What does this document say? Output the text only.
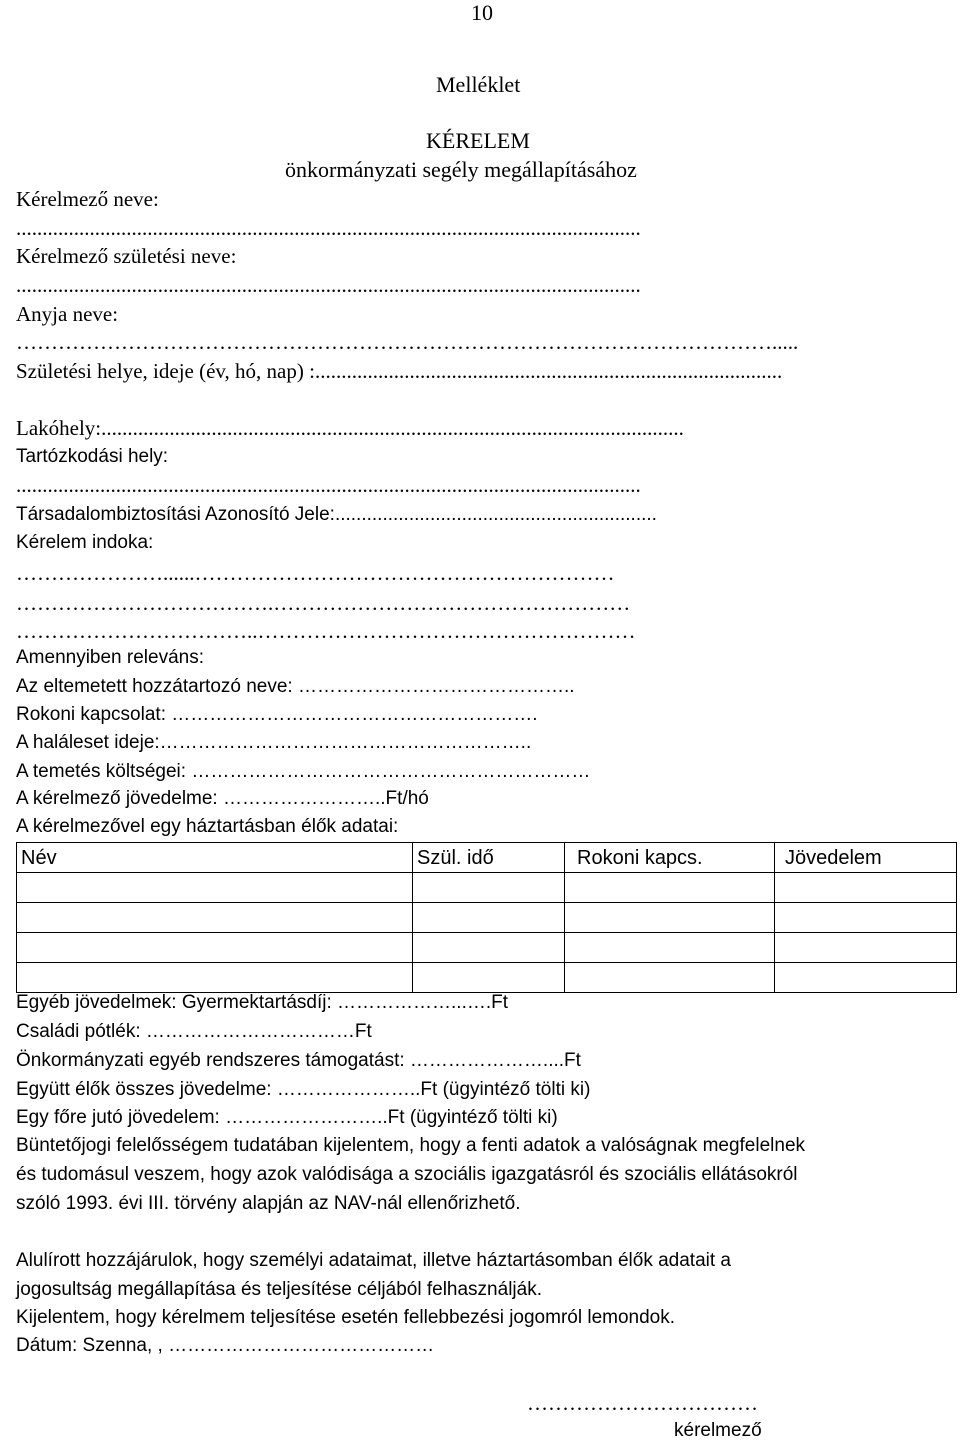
10
Melléklet
KÉRELEM
önkormányzati segély megállapításához
Kérelmező neve:
.......................................................................................................................
Kérelmező születési neve:
.......................................................................................................................
Anyja neve:
……………………………………………………………………………………………….....
Születési helye, ideje (év, hó, nap) :.........................................................................................
Lakóhely:...............................................................................................................
Tartózkodási hely:
.......................................................................................................................
Társadalombiztosítási Azonosító Jele:.............................................................
Kérelem indoka:
…………………......……………………………………………………
……………………………….……………………………………………
……………………………..………………………………………………
Amennyiben releváns:
Az eltemetett hozzátartozó neve: ……………………………………..
Rokoni kapcsolat: ………………………………………………….
A haláleset ideje:…………………………………………………..
A temetés költségei: ………………………………………………………
A kérelmező jövedelme: ……………………..Ft/hó
A kérelmezővel egy háztartásban élők adatai:
Név	Szül. idő	Rokoni kapcs.	Jövedelem

Egyéb jövedelmek: Gyermektartásdíj: ………………...….Ft
Családi pótlék: ……………………………Ft
Önkormányzati egyéb rendszeres támogatást: …………………....Ft
Együtt élők összes jövedelme: …………………..Ft (ügyintéző tölti ki)
Egy főre jutó jövedelem: ……………………..Ft (ügyintéző tölti ki)
Büntetőjogi felelősségem tudatában kijelentem, hogy a fenti adatok a valóságnak megfelelnek
és tudomásul veszem, hogy azok valódisága a szociális igazgatásról és szociális ellátásokról
szóló 1993. évi III. törvény alapján az NAV-nál ellenőrizhető.
Alulírott hozzájárulok, hogy személyi adataimat, illetve háztartásomban élők adatait a
jogosultság megállapítása és teljesítése céljából felhasználják.
Kijelentem, hogy kérelmem teljesítése esetén fellebbezési jogomról lemondok.
Dátum: Szenna, , ……………………………………
……………………………
kérelmező
